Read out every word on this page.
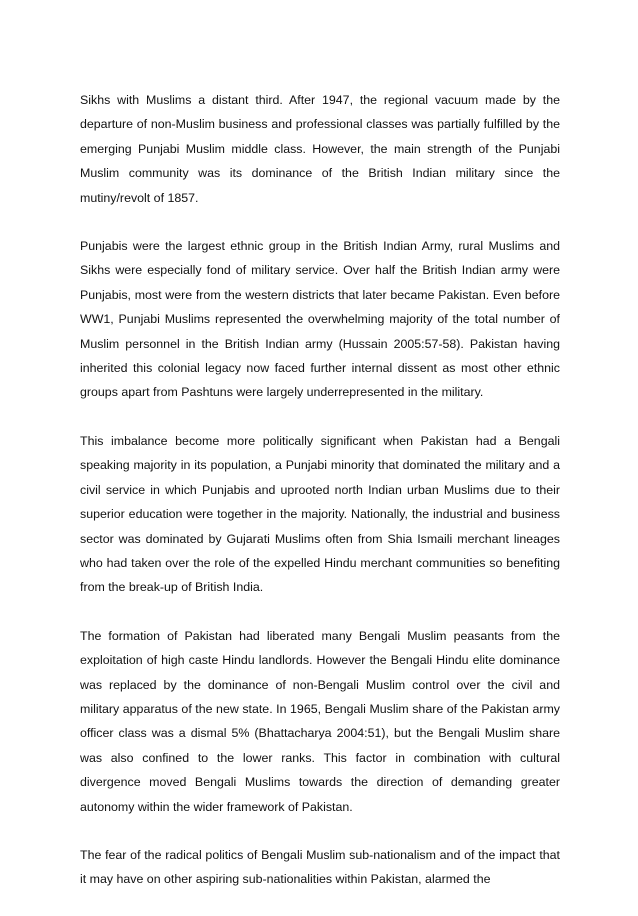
Sikhs with Muslims a distant third. After 1947, the regional vacuum made by the departure of non-Muslim business and professional classes was partially fulfilled by the emerging Punjabi Muslim middle class. However, the main strength of the Punjabi Muslim community was its dominance of the British Indian military since the mutiny/revolt of 1857.

Punjabis were the largest ethnic group in the British Indian Army, rural Muslims and Sikhs were especially fond of military service. Over half the British Indian army were Punjabis, most were from the western districts that later became Pakistan. Even before WW1, Punjabi Muslims represented the overwhelming majority of the total number of Muslim personnel in the British Indian army (Hussain 2005:57-58). Pakistan having inherited this colonial legacy now faced further internal dissent as most other ethnic groups apart from Pashtuns were largely underrepresented in the military.

This imbalance become more politically significant when Pakistan had a Bengali speaking majority in its population, a Punjabi minority that dominated the military and a civil service in which Punjabis and uprooted north Indian urban Muslims due to their superior education were together in the majority. Nationally, the industrial and business sector was dominated by Gujarati Muslims often from Shia Ismaili merchant lineages who had taken over the role of the expelled Hindu merchant communities so benefiting from the break-up of British India.

The formation of Pakistan had liberated many Bengali Muslim peasants from the exploitation of high caste Hindu landlords. However the Bengali Hindu elite dominance was replaced by the dominance of non-Bengali Muslim control over the civil and military apparatus of the new state. In 1965, Bengali Muslim share of the Pakistan army officer class was a dismal 5% (Bhattacharya 2004:51), but the Bengali Muslim share was also confined to the lower ranks. This factor in combination with cultural divergence moved Bengali Muslims towards the direction of demanding greater autonomy within the wider framework of Pakistan.

The fear of the radical politics of Bengali Muslim sub-nationalism and of the impact that it may have on other aspiring sub-nationalities within Pakistan, alarmed the
